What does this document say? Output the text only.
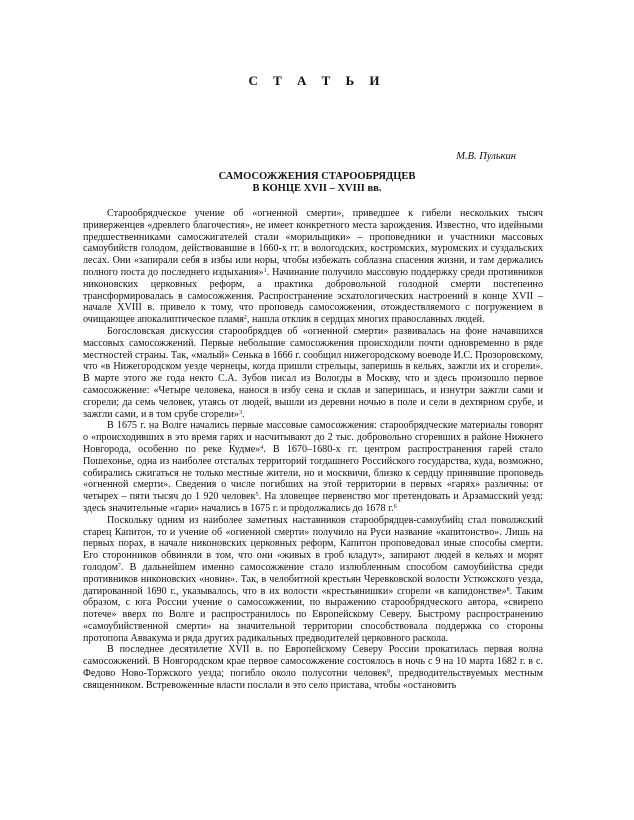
С Т А Т Ь И
М.В. Пулькин
САМОСОЖЖЕНИЯ СТАРООБРЯДЦЕВ
В КОНЦЕ XVII – XVIII вв.

Старообрядческое учение об «огненной смерти», приведшее к гибели нескольких тысяч приверженцев «древлего благочестия», не имеет конкретного места зарождения. Известно, что идейными предшественниками самосжигателей стали «морильщики» – проповедники и участники массовых самоубийств голодом, действовавшие в 1660-х гг. в вологодских, костромских, муромских и суздальских лесах. Они «запирали себя в избы или норы, чтобы избежать соблазна спасения жизни, и там держались полного поста до последнего издыхания»$^1$. Начинание получило массовую поддержку среди противников никоновских церковных реформ, а практика добровольной голодной смерти постепенно трансформировалась в самосожжения. Распространение эсхатологических настроений в конце XVII – начале XVIII в. привело к тому, что проповедь самосожжения, отождествляемого с погружением в очищающее апокалиптическое пламя$^2$, нашла отклик в сердцах многих православных людей.

Богословская дискуссия старообрядцев об «огненной смерти» развивалась на фоне начавшихся массовых самосожжений. Первые небольшие самосожжения происходили почти одновременно в ряде местностей страны. Так, «малый» Сенька в 1666 г. сообщил нижегородскому воеводе И.С. Прозоровскому, что «в Нижегородском уезде чернецы, когда пришли стрельцы, заперишь в кельях, зажгли их и сгорели». В марте этого же года некто С.А. Зубов писал из Вологды в Москву, что и здесь произошло первое самосожжение: «Четыре человека, нанося в избу сена и склав и заперишась, и изнутри зажгли сами и сгорели; да семь человек, утаясь от людей, вышли из деревни ночью в поле и сели в дехтярном срубе, и зажгли сами, и в том срубе сгорели»$^3$.

В 1675 г. на Волге начались первые массовые самосожжения: старообрядческие материалы говорят о «происходивших в это время гарях и насчитывают до 2 тыс. добровольно сгоревших в районе Нижнего Новгорода, особенно по реке Кудме»$^4$. В 1670–1680-х гг. центром распространения гарей стало Пошехонье, одна из наиболее отсталых территорий тогдашнего Российского государства, куда, возможно, собирались сжигаться не только местные жители, но и москвичи, близко к сердцу принявшие проповедь «огненной смерти». Сведения о числе погибших на этой территории в первых «гарях» различны: от четырех – пяти тысяч до 1 920 человек$^5$. На зловещее первенство мог претендовать и Арзамасский уезд: здесь значительные «гари» начались в 1675 г. и продолжались до 1678 г.$^6$

Поскольку одним из наиболее заметных наставников старообрядцев-самоубийц стал поволжский старец Капитон, то и учение об «огненной смерти» получило на Руси название «капитонство». Лишь на первых порах, в начале никоновских церковных реформ, Капитон проповедовал иные способы смерти. Его сторонников обвиняли в том, что они «живых в гроб кладут», запирают людей в кельях и морят голодом$^7$. В дальнейшем именно самосожжение стало излюбленным способом самоубийства среди противников никоновских «новин». Так, в челобитной крестьян Черевковской волости Устюжского уезда, датированной 1690 г., указывалось, что в их волости «крестьянишки» сгорели «в капидонстве»$^8$. Таким образом, с юга России учение о самосожжении, по выражению старообрядческого автора, «свирепо потече» вверх по Волге и распространилось по Европейскому Северу. Быстрому распространению «самоубийственной смерти» на значительной территории способствовала поддержка со стороны протопопа Аввакума и ряда других радикальных предводителей церковного раскола.

В последнее десятилетие XVII в. по Европейскому Северу России прокатилась первая волна самосожжений. В Новгородском крае первое самосожжение состоялось в ночь с 9 на 10 марта 1682 г. в с. Федово Ново-Торжского уезда; погибло около полусотни человек$^9$, предводительствуемых местным священником. Встревоженные власти послали в это село пристава, чтобы «остановить
